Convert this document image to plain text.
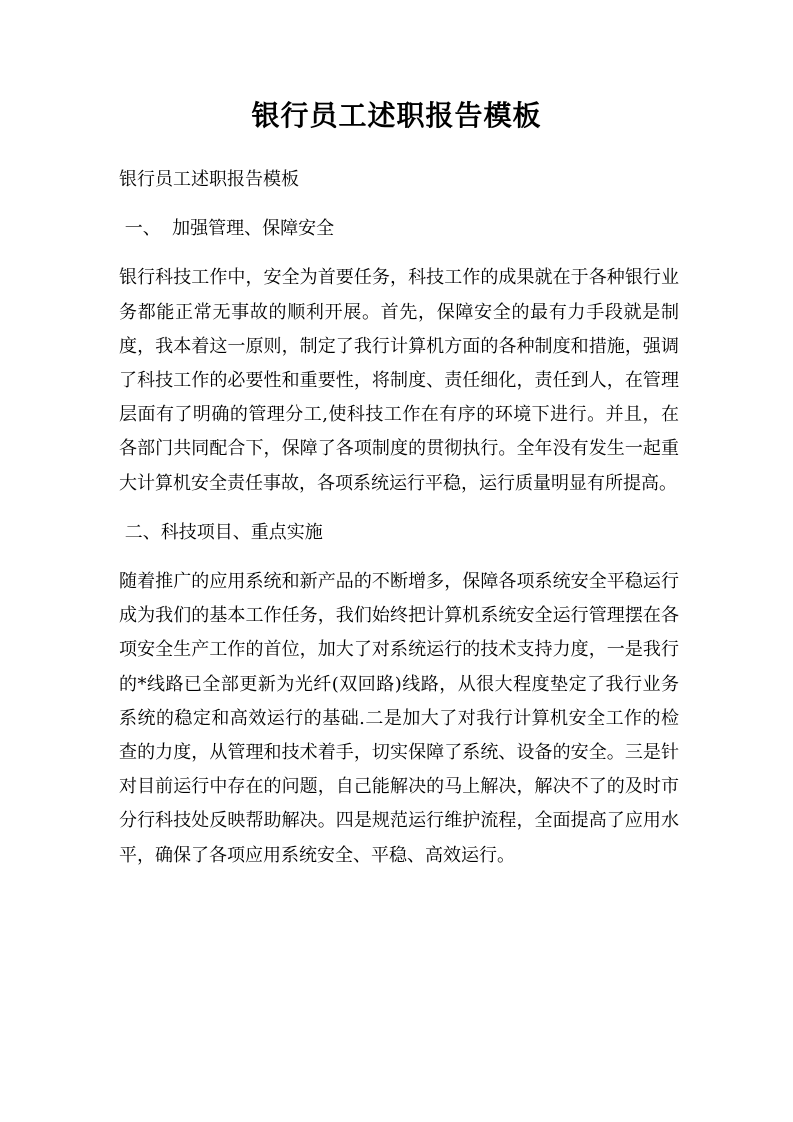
银行员工述职报告模板
银行员工述职报告模板
一、  加强管理、保障安全

银行科技工作中，安全为首要任务，科技工作的成果就在于各种银行业务都能正常无事故的顺利开展。首先，保障安全的最有力手段就是制度，我本着这一原则，制定了我行计算机方面的各种制度和措施，强调了科技工作的必要性和重要性，将制度、责任细化，责任到人，在管理层面有了明确的管理分工,使科技工作在有序的环境下进行。并且，在各部门共同配合下，保障了各项制度的贯彻执行。全年没有发生一起重大计算机安全责任事故，各项系统运行平稳，运行质量明显有所提高。

二、科技项目、重点实施

随着推广的应用系统和新产品的不断增多，保障各项系统安全平稳运行成为我们的基本工作任务，我们始终把计算机系统安全运行管理摆在各项安全生产工作的首位，加大了对系统运行的技术支持力度，一是我行的*线路已全部更新为光纤(双回路)线路，从很大程度垫定了我行业务系统的稳定和高效运行的基础.二是加大了对我行计算机安全工作的检查的力度，从管理和技术着手，切实保障了系统、设备的安全。三是针对目前运行中存在的问题，自己能解决的马上解决，解决不了的及时市分行科技处反映帮助解决。四是规范运行维护流程，全面提高了应用水平，确保了各项应用系统安全、平稳、高效运行。
